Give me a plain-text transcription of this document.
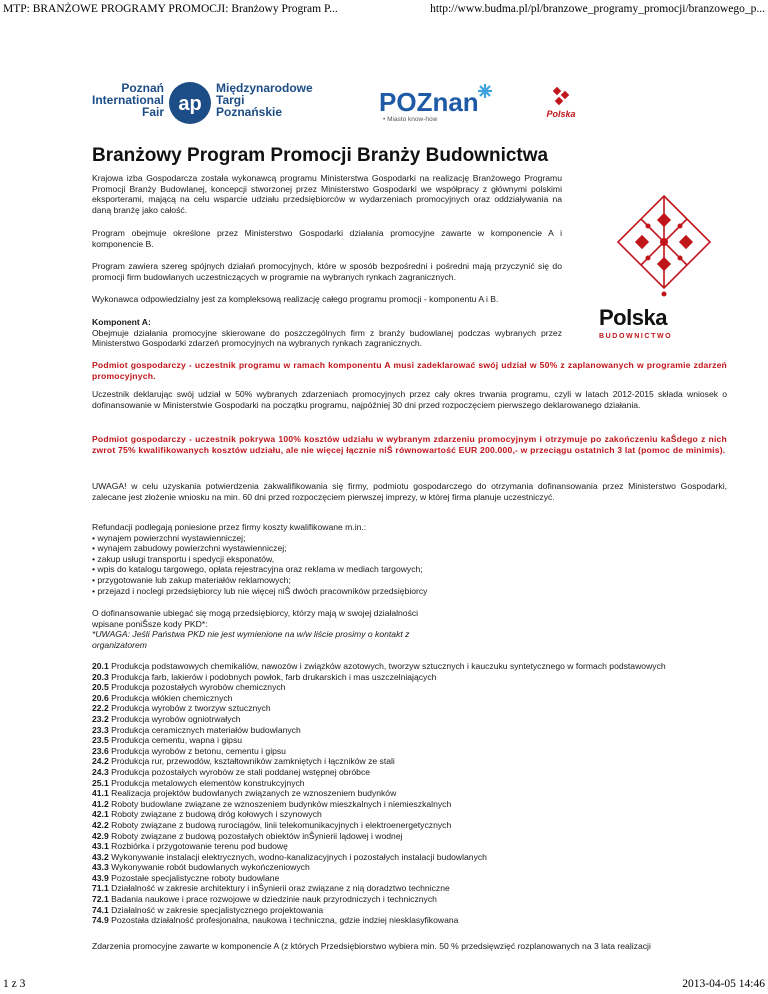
MTP: BRANŻOWE PROGRAMY PROMOCJI: Branżowy Program P...	http://www.budma.pl/pl/branzowe_programy_promocji/branzowego_p...
Poznań
International
Fair ap
Międzynarodowe
Targi
Poznańskie	POZnan
• Miasto know-how
Polska
Branżowy Program Promocji Branży Budownictwa
Polska
BUDOWNICTWO

Krajowa izba Gospodarcza została wykonawcą programu Ministerstwa Gospodarki na realizację Branżowego Programu Promocji Branży Budowlanej, koncepcji stworzonej przez Ministerstwo Gospodarki we współpracy z głównymi polskimi eksporterami, mającą na celu wsparcie udziału przedsiębiorców w wydarzeniach promocyjnych oraz oddziaływania na daną branżę jako całość.

Program obejmuje określone przez Ministerstwo Gospodarki działania promocyjne zawarte w komponencie A i komponencie B.

Program zawiera szereg spójnych działań promocyjnych, które w sposób bezpośredni i pośredni mają przyczynić się do promocji firm budowlanych uczestniczących w programie na wybranych rynkach zagranicznych.

Wykonawca odpowiedzialny jest za kompleksową realizację całego programu promocji - komponentu A i B.

Komponent A:

Obejmuje działania promocyjne skierowane do poszczególnych firm z branży budowlanej podczas wybranych przez Ministerstwo Gospodarki zdarzeń promocyjnych na wybranych rynkach zagranicznych.

Podmiot gospodarczy - uczestnik programu w ramach komponentu A musi zadeklarować swój udział w 50% z zaplanowanych w programie zdarzeń promocyjnych.
Uczestnik deklarując swój udział w 50% wybranych zdarzeniach promocyjnych przez cały okres trwania programu, czyli w latach 2012-2015 składa wniosek o dofinansowanie w Ministerstwie Gospodarki na początku programu, najpóźniej 30 dni przed rozpoczęciem pierwszego deklarowanego działania.
Podmiot gospodarczy - uczestnik pokrywa 100% kosztów udziału w wybranym zdarzeniu promocyjnym i otrzymuje po zakończeniu kaŜdego z nich zwrot 75% kwalifikowanych kosztów udziału, ale nie więcej łącznie niŜ równowartość EUR 200.000,- w przeciągu ostatnich 3 lat (pomoc de minimis).
UWAGA! w celu uzyskania potwierdzenia zakwalifikowania się firmy, podmiotu gospodarczego do otrzymania dofinansowania przez Ministerstwo Gospodarki, zalecane jest złożenie wniosku na min. 60 dni przed rozpoczęciem pierwszej imprezy, w której firma planuje uczestniczyć.

Refundacji podlegają poniesione przez firmy koszty kwalifikowane m.in.:

• wynajem powierzchni wystawienniczej;
• wynajem zabudowy powierzchni wystawienniczej;
• zakup usługi transportu i spedycji eksponatów,
• wpis do katalogu targowego, opłata rejestracyjna oraz reklama w mediach targowych;
• przygotowanie lub zakup materiałów reklamowych;
• przejazd i noclegi przedsiębiorcy lub nie więcej niŜ dwóch pracowników przedsiębiorcy

O dofinansowanie ubiegać się mogą przedsiębiorcy, którzy mają w swojej działalności

wpisane poniŜsze kody PKD*:

*UWAGA: Jeśli Państwa PKD nie jest wymienione na w/w liście prosimy o kontakt z

organizatorem

20.1 Produkcja podstawowych chemikaliów, nawozów i związków azotowych, tworzyw sztucznych i kauczuku syntetycznego w formach podstawowych
20.3 Produkcja farb, lakierów i podobnych powłok, farb drukarskich i mas uszczelniających
20.5 Produkcja pozostałych wyrobów chemicznych
20.6 Produkcja włókien chemicznych
22.2 Produkcja wyrobów z tworzyw sztucznych
23.2 Produkcja wyrobów ogniotrwałych
23.3 Produkcja ceramicznych materiałów budowlanych
23.5 Produkcja cementu, wapna i gipsu
23.6 Produkcja wyrobów z betonu, cementu i gipsu
24.2 Produkcja rur, przewodów, kształtowników zamkniętych i łączników ze stali
24.3 Produkcja pozostałych wyrobów ze stali poddanej wstępnej obróbce
25.1 Produkcja metalowych elementów konstrukcyjnych
41.1 Realizacja projektów budowlanych związanych ze wznoszeniem budynków
41.2 Roboty budowlane związane ze wznoszeniem budynków mieszkalnych i niemieszkalnych
42.1 Roboty związane z budową dróg kołowych i szynowych
42.2 Roboty związane z budową rurociągów, linii telekomunikacyjnych i elektroenergetycznych
42.9 Roboty związane z budową pozostałych obiektów inŜynierii lądowej i wodnej
43.1 Rozbiórka i przygotowanie terenu pod budowę
43.2 Wykonywanie instalacji elektrycznych, wodno-kanalizacyjnych i pozostałych instalacji budowlanych
43.3 Wykonywanie robót budowlanych wykończeniowych
43.9 Pozostałe specjalistyczne roboty budowlane
71.1 Działalność w zakresie architektury i inŜynierii oraz związane z nią doradztwo techniczne
72.1 Badania naukowe i prace rozwojowe w dziedzinie nauk przyrodniczych i technicznych
74.1 Działalność w zakresie specjalistycznego projektowania
74.9 Pozostała działalność profesjonalna, naukowa i techniczna, gdzie indziej niesklasyfikowana
Zdarzenia promocyjne zawarte w komponencie A (z których Przedsiębiorstwo wybiera min. 50 % przedsięwzięć rozplanowanych na 3 lata realizacji
1 z 3	2013-04-05 14:46
